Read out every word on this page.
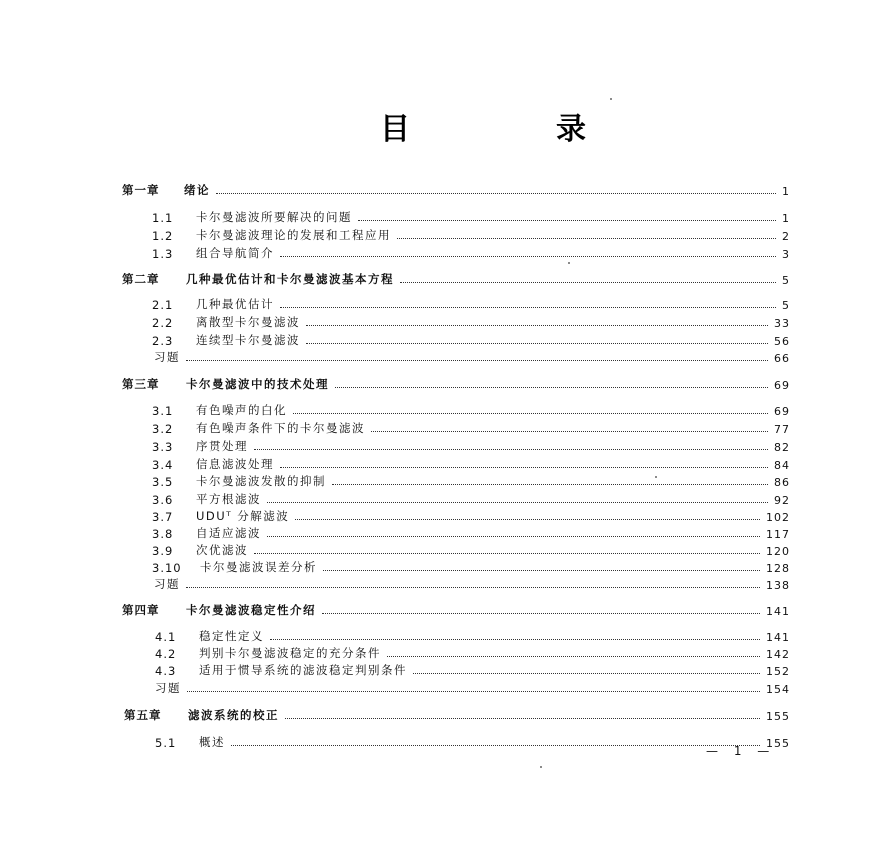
目　录
第一章	绪论	1
1.1	卡尔曼滤波所要解决的问题	1
1.2	卡尔曼滤波理论的发展和工程应用	2
1.3	组合导航简介	3
第二章	几种最优估计和卡尔曼滤波基本方程	5
2.1	几种最优估计	5
2.2	离散型卡尔曼滤波	33
2.3	连续型卡尔曼滤波	56
习题	66
第三章	卡尔曼滤波中的技术处理	69
3.1	有色噪声的白化	69
3.2	有色噪声条件下的卡尔曼滤波	77
3.3	序贯处理	82
3.4	信息滤波处理	84
3.5	卡尔曼滤波发散的抑制	86
3.6	平方根滤波	92
3.7	UDUᵀ 分解滤波	102
3.8	自适应滤波	117
3.9	次优滤波	120
3.10	卡尔曼滤波误差分析	128
习题	138
第四章	卡尔曼滤波稳定性介绍	141
4.1	稳定性定义	141
4.2	判别卡尔曼滤波稳定的充分条件	142
4.3	适用于惯导系统的滤波稳定判别条件	152
习题	154
第五章	滤波系统的校正	155
5.1	概述	155
— 1 —
